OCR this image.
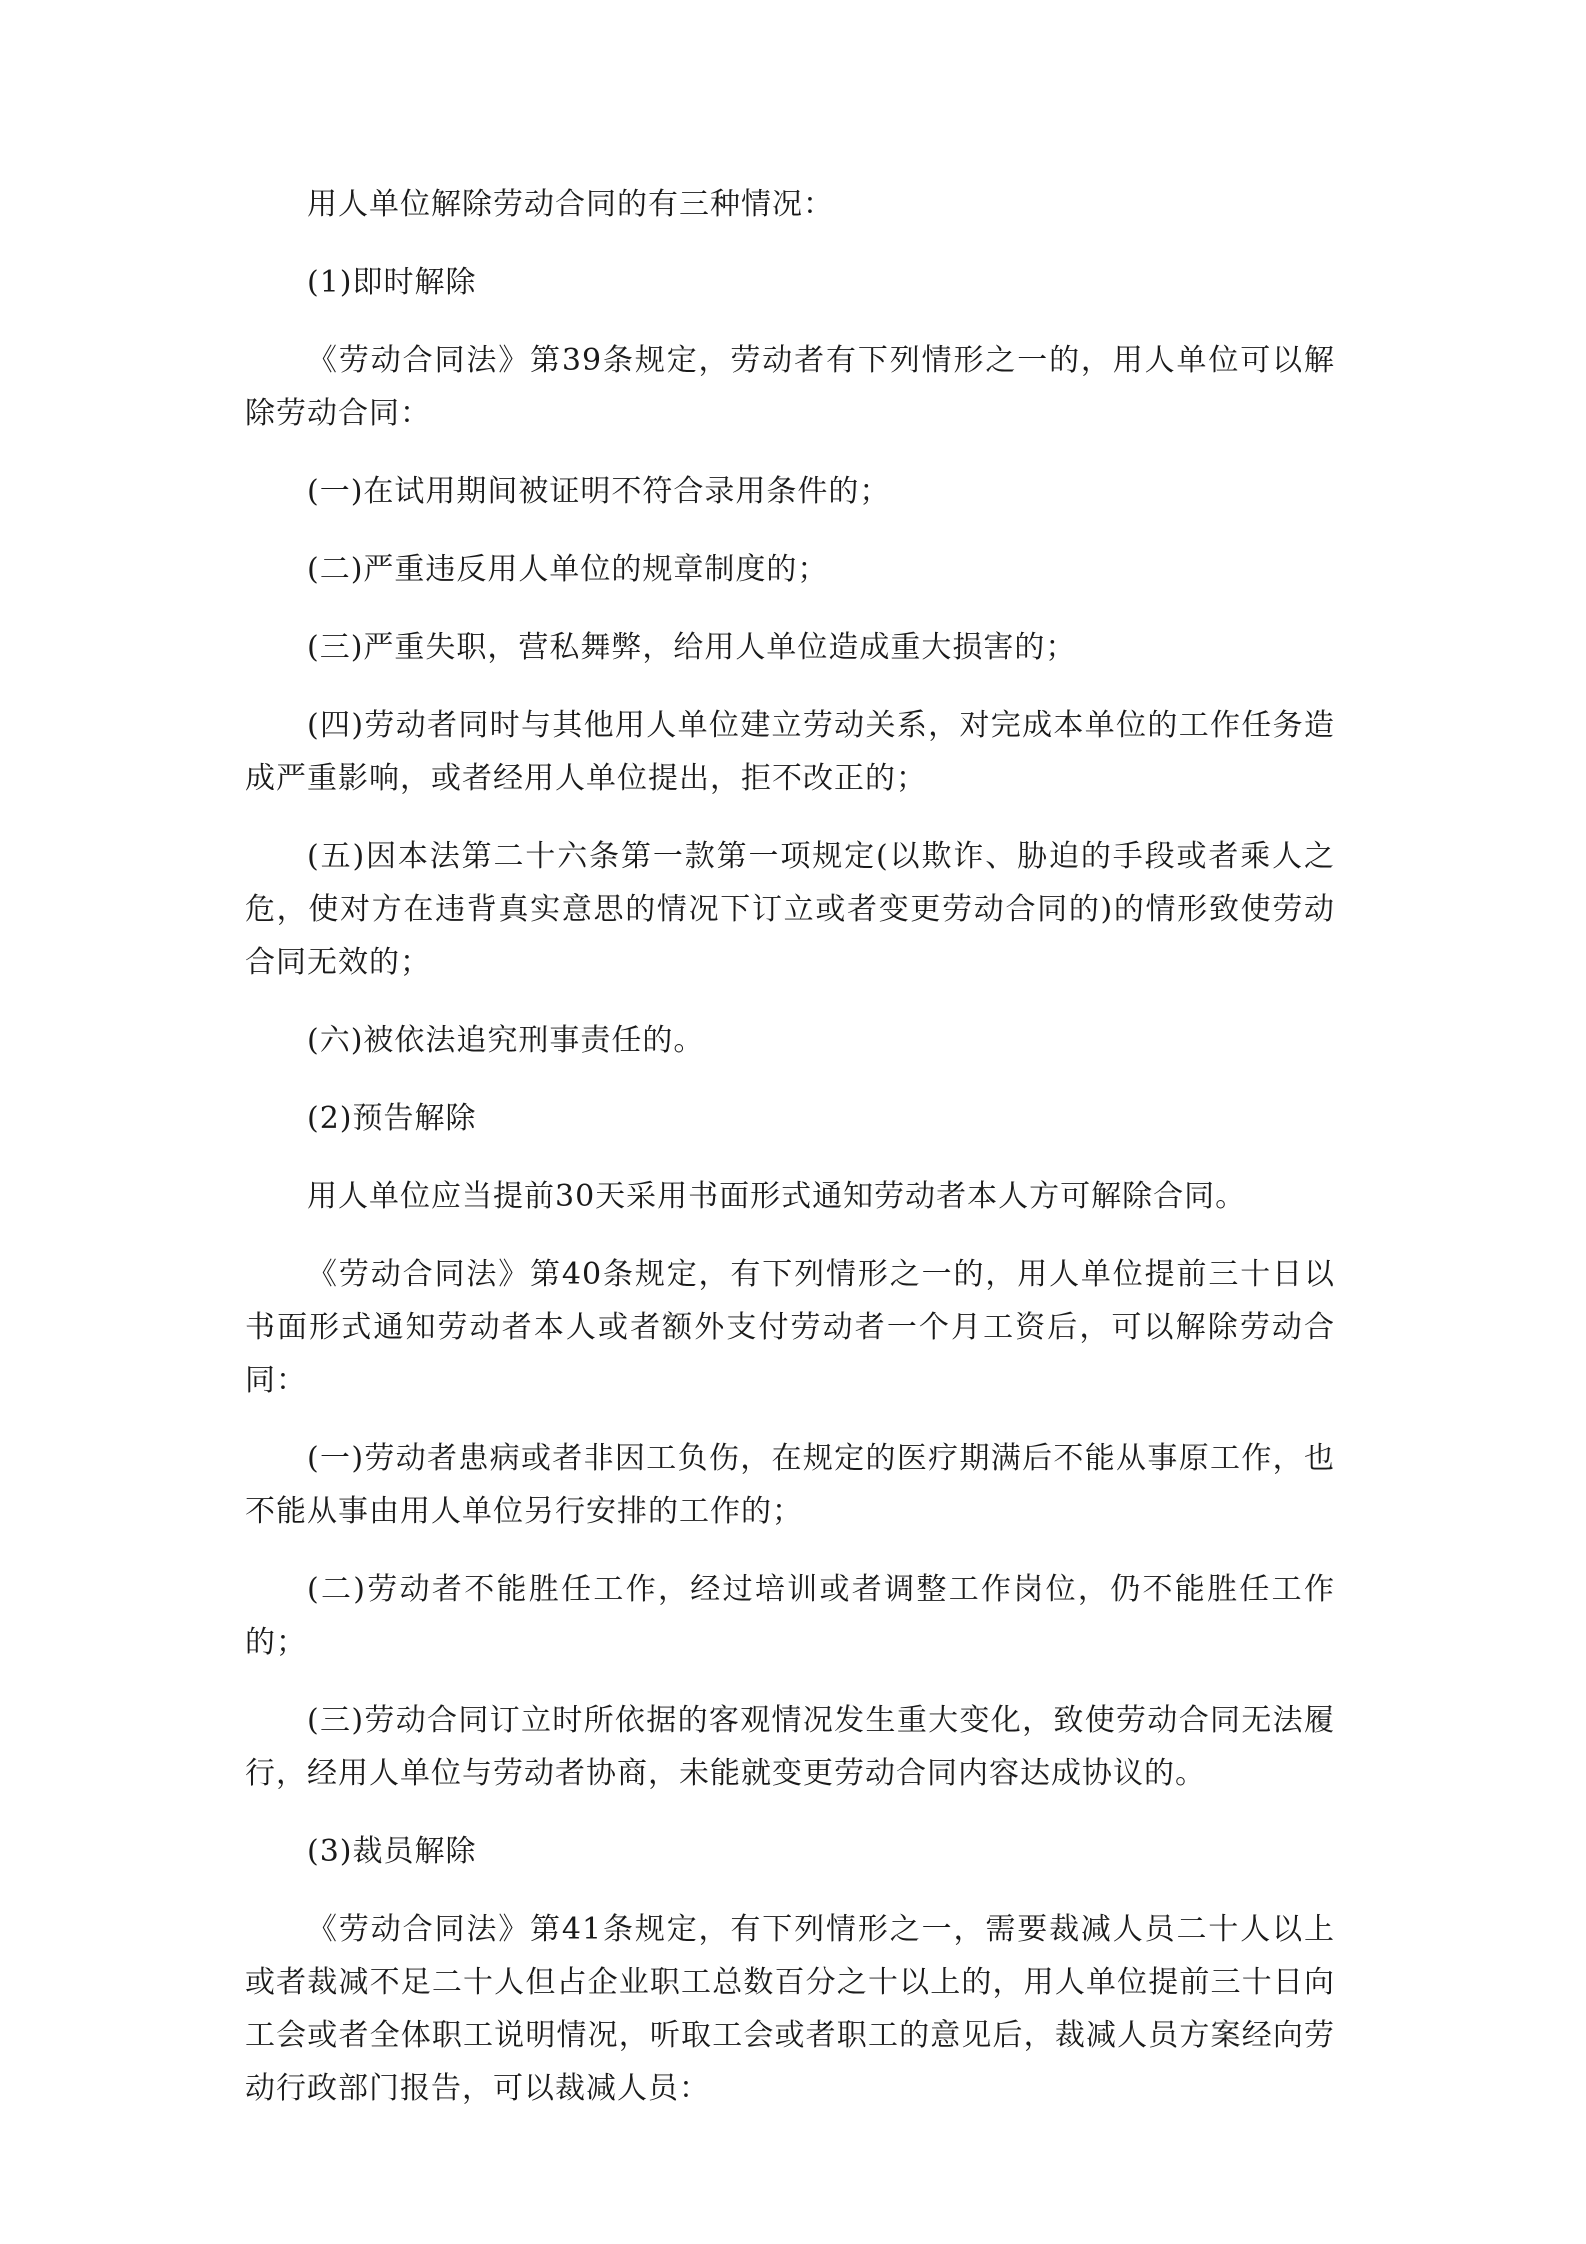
用人单位解除劳动合同的有三种情况：

(1)即时解除

《劳动合同法》第39条规定，劳动者有下列情形之一的，用人单位可以解除劳动合同：

(一)在试用期间被证明不符合录用条件的；

(二)严重违反用人单位的规章制度的；

(三)严重失职，营私舞弊，给用人单位造成重大损害的；

(四)劳动者同时与其他用人单位建立劳动关系，对完成本单位的工作任务造成严重影响，或者经用人单位提出，拒不改正的；

(五)因本法第二十六条第一款第一项规定(以欺诈、胁迫的手段或者乘人之危，使对方在违背真实意思的情况下订立或者变更劳动合同的)的情形致使劳动合同无效的；

(六)被依法追究刑事责任的。

(2)预告解除

用人单位应当提前30天采用书面形式通知劳动者本人方可解除合同。

《劳动合同法》第40条规定，有下列情形之一的，用人单位提前三十日以书面形式通知劳动者本人或者额外支付劳动者一个月工资后，可以解除劳动合同：

(一)劳动者患病或者非因工负伤，在规定的医疗期满后不能从事原工作，也不能从事由用人单位另行安排的工作的；

(二)劳动者不能胜任工作，经过培训或者调整工作岗位，仍不能胜任工作的；

(三)劳动合同订立时所依据的客观情况发生重大变化，致使劳动合同无法履行，经用人单位与劳动者协商，未能就变更劳动合同内容达成协议的。

(3)裁员解除

《劳动合同法》第41条规定，有下列情形之一，需要裁减人员二十人以上或者裁减不足二十人但占企业职工总数百分之十以上的，用人单位提前三十日向工会或者全体职工说明情况，听取工会或者职工的意见后，裁减人员方案经向劳动行政部门报告，可以裁减人员：
